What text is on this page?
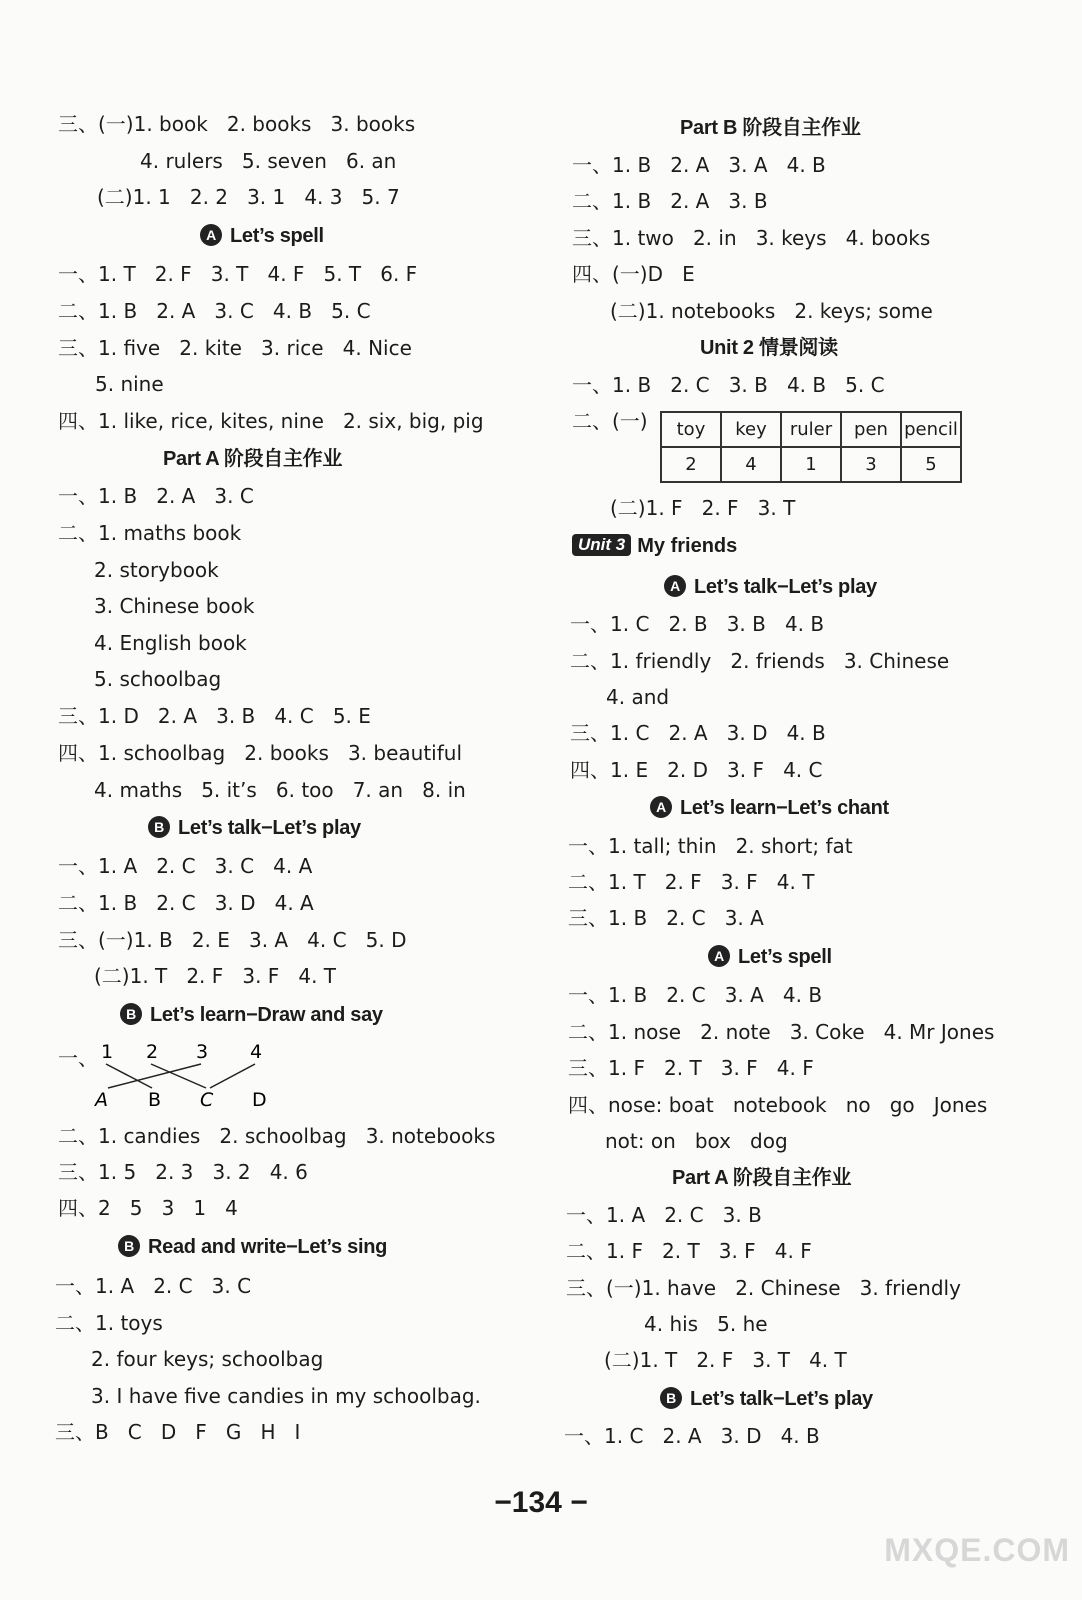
三、(一)1. book   2. books   3. books
4. rulers   5. seven   6. an
(二)1. 1   2. 2   3. 1   4. 3   5. 7
A Let’s spell
一、1. T   2. F   3. T   4. F   5. T   6. F
二、1. B   2. A   3. C   4. B   5. C
三、1. five   2. kite   3. rice   4. Nice
5. nine
四、1. like, rice, kites, nine   2. six, big, pig
Part A 阶段自主作业
一、1. B   2. A   3. C
二、1. maths book
2. storybook
3. Chinese book
4. English book
5. schoolbag
三、1. D   2. A   3. B   4. C   5. E
四、1. schoolbag   2. books   3. beautiful
4. maths   5. it’s   6. too   7. an   8. in
B Let’s talk−Let’s play
一、1. A   2. C   3. C   4. A
二、1. B   2. C   3. D   4. A
三、(一)1. B   2. E   3. A   4. C   5. D
(二)1. T   2. F   3. F   4. T
B Let’s learn−Draw and say
一、 1 2 3 4
A B C D
二、1. candies   2. schoolbag   3. notebooks
三、1. 5   2. 3   3. 2   4. 6
四、2   5   3   1   4
B Read and write−Let’s sing
一、1. A   2. C   3. C
二、1. toys
2. four keys; schoolbag
3. I have five candies in my schoolbag.
三、B   C   D   F   G   H   I
Part B 阶段自主作业
一、1. B   2. A   3. A   4. B
二、1. B   2. A   3. B
三、1. two   2. in   3. keys   4. books
四、(一)D   E
(二)1. notebooks   2. keys; some
Unit 2 情景阅读
一、1. B   2. C   3. B   4. B   5. C
二、(一) toy	key	ruler	pen	pencil
2	4	1	3	5
(二)1. F   2. F   3. T
Unit 3 My friends
A Let’s talk−Let’s play
一、1. C   2. B   3. B   4. B
二、1. friendly   2. friends   3. Chinese
4. and
三、1. C   2. A   3. D   4. B
四、1. E   2. D   3. F   4. C
A Let’s learn−Let’s chant
一、1. tall; thin   2. short; fat
二、1. T   2. F   3. F   4. T
三、1. B   2. C   3. A
A Let’s spell
一、1. B   2. C   3. A   4. B
二、1. nose   2. note   3. Coke   4. Mr Jones
三、1. F   2. T   3. F   4. F
四、nose: boat   notebook   no   go   Jones
not: on   box   dog
Part A 阶段自主作业
一、1. A   2. C   3. B
二、1. F   2. T   3. F   4. F
三、(一)1. have   2. Chinese   3. friendly
4. his   5. he
(二)1. T   2. F   3. T   4. T
B Let’s talk−Let’s play
一、1. C   2. A   3. D   4. B
−134 −
MXQE.COM
